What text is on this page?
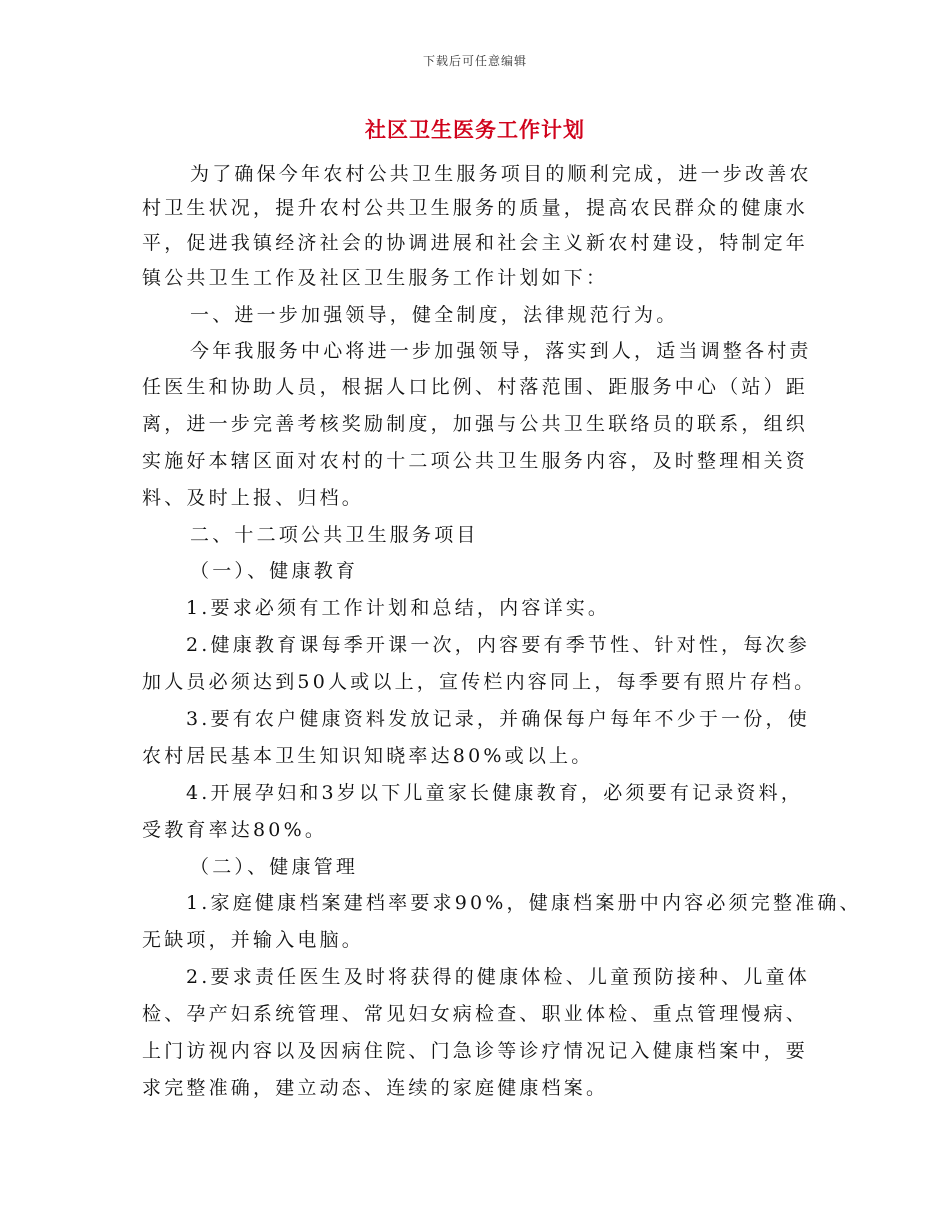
下载后可任意编辑
社区卫生医务工作计划
为了确保今年农村公共卫生服务项目的顺利完成，进一步改善农
村卫生状况，提升农村公共卫生服务的质量，提高农民群众的健康水
平，促进我镇经济社会的协调进展和社会主义新农村建设，特制定年
镇公共卫生工作及社区卫生服务工作计划如下：
一、进一步加强领导，健全制度，法律规范行为。
今年我服务中心将进一步加强领导，落实到人，适当调整各村责
任医生和协助人员，根据人口比例、村落范围、距服务中心（站）距
离，进一步完善考核奖励制度，加强与公共卫生联络员的联系，组织
实施好本辖区面对农村的十二项公共卫生服务内容，及时整理相关资
料、及时上报、归档。
二、十二项公共卫生服务项目
（一）、健康教育
1.要求必须有工作计划和总结，内容详实。
2.健康教育课每季开课一次，内容要有季节性、针对性，每次参
加人员必须达到50人或以上，宣传栏内容同上，每季要有照片存档。
3.要有农户健康资料发放记录，并确保每户每年不少于一份，使
农村居民基本卫生知识知晓率达80%或以上。
4.开展孕妇和3岁以下儿童家长健康教育，必须要有记录资料，
受教育率达80%。
（二）、健康管理
1.家庭健康档案建档率要求90%，健康档案册中内容必须完整准确、
无缺项，并输入电脑。
2.要求责任医生及时将获得的健康体检、儿童预防接种、儿童体
检、孕产妇系统管理、常见妇女病检查、职业体检、重点管理慢病、
上门访视内容以及因病住院、门急诊等诊疗情况记入健康档案中，要
求完整准确，建立动态、连续的家庭健康档案。
